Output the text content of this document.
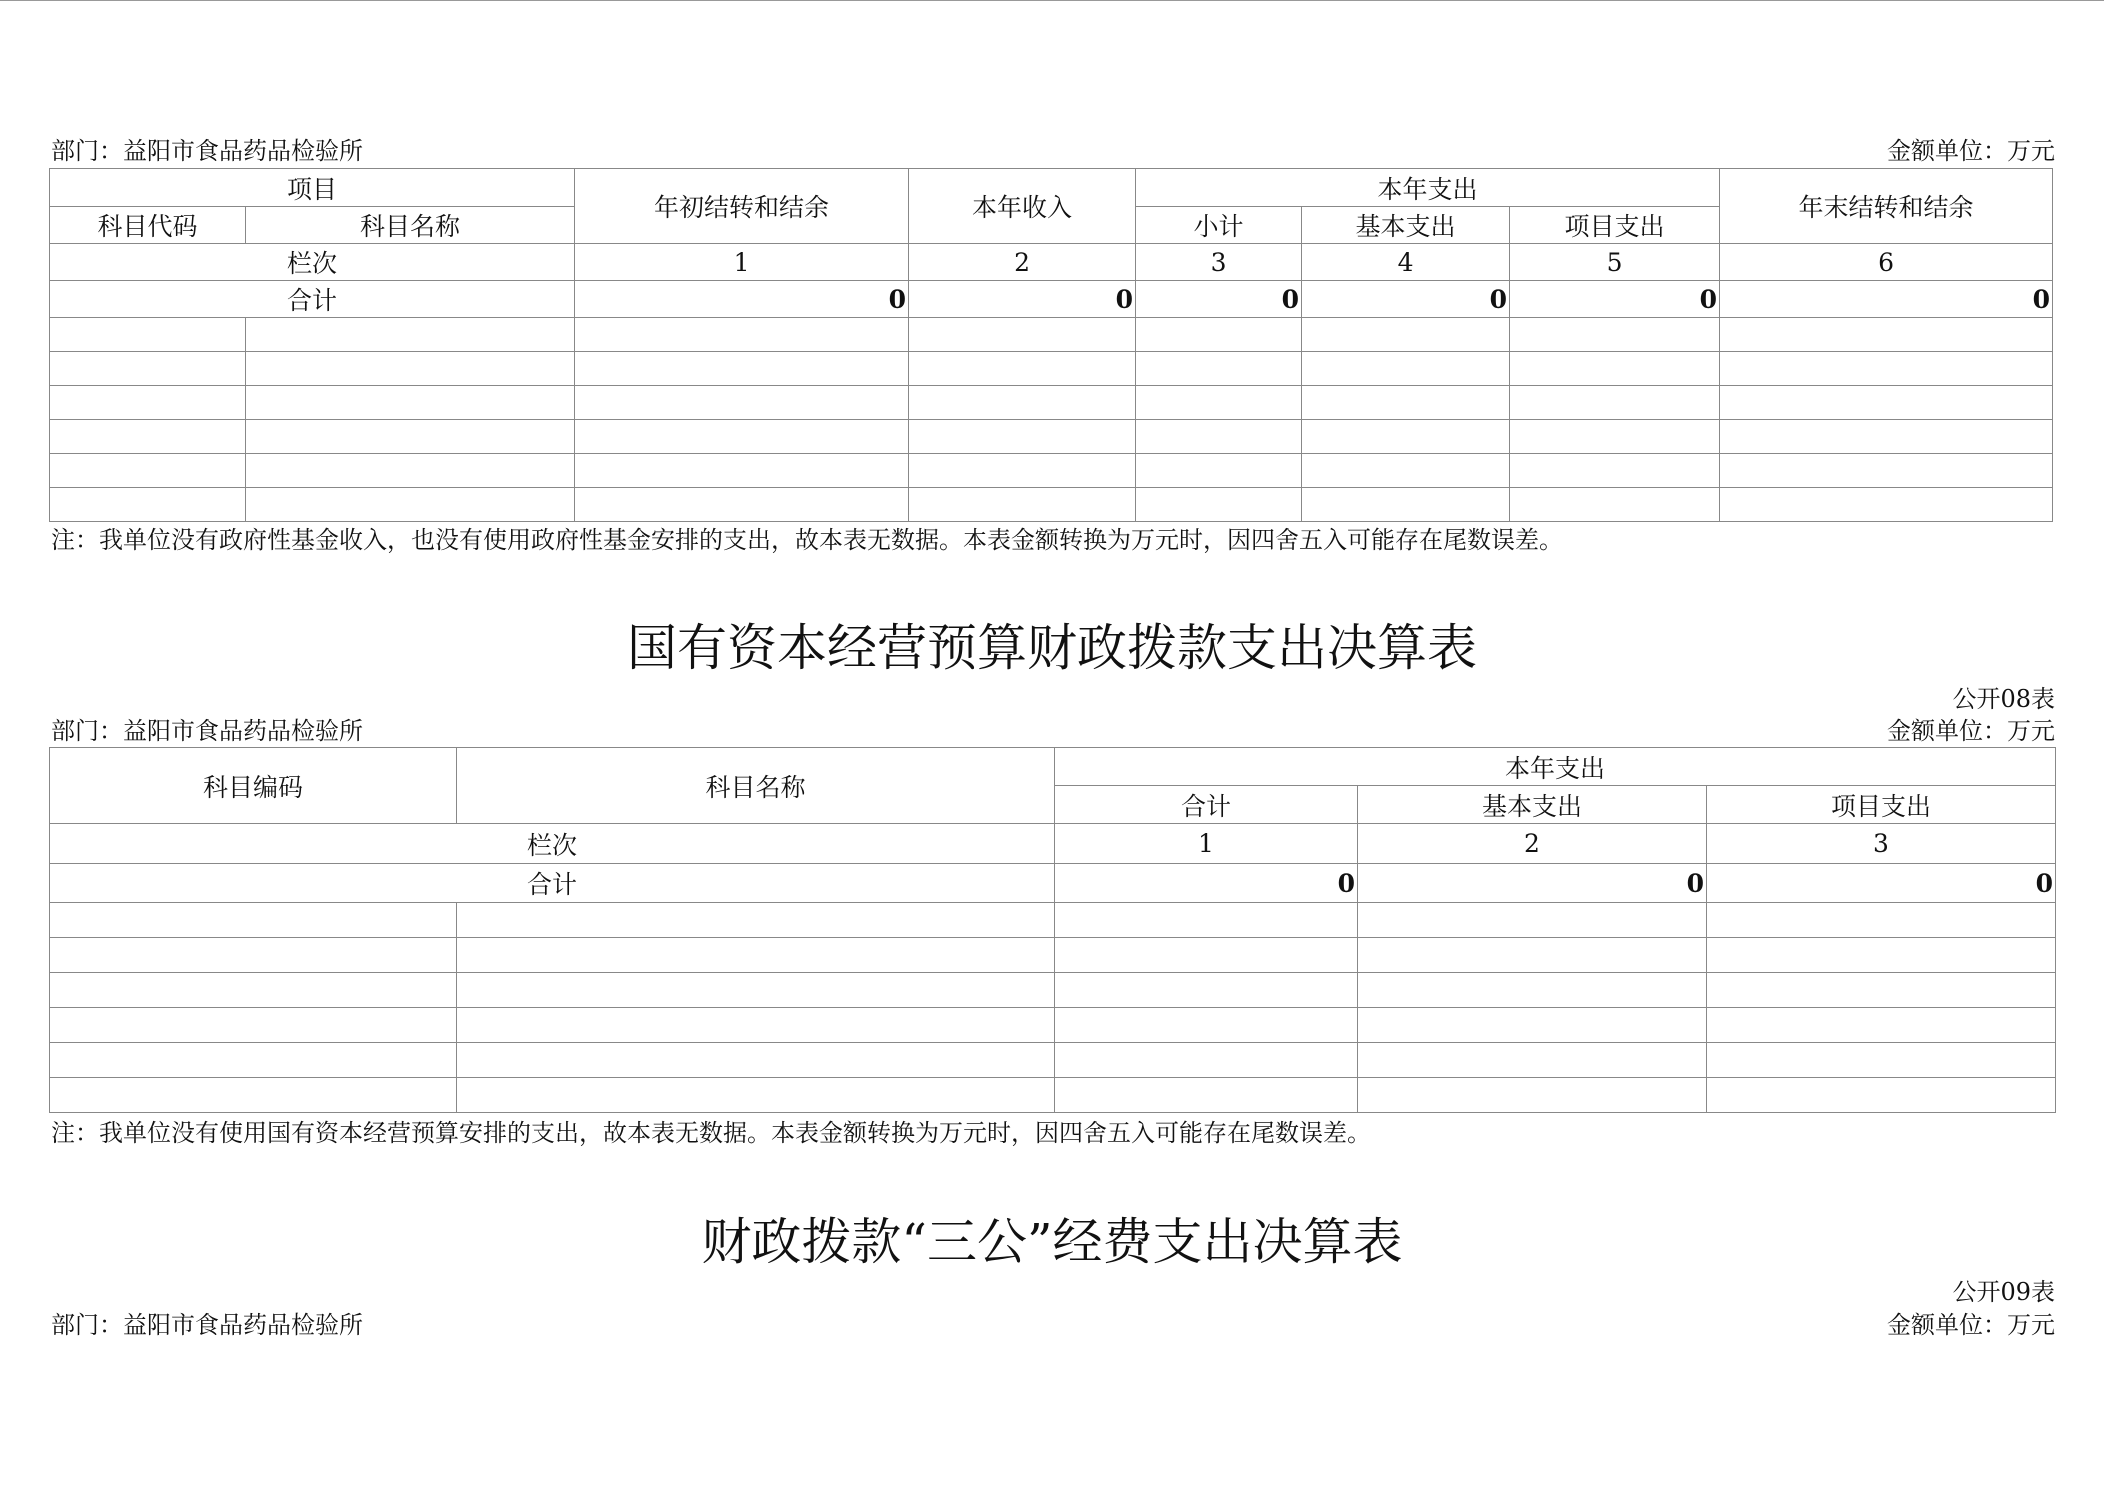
部门：益阳市食品药品检验所	金额单位：万元
项目		年初结转和结余	本年收入	本年支出			年末结转和结余
科目代码	科目名称			小计	基本支出	项目支出	
栏次		1	2	3	4	5	6
合计		0	0	0	0	0	0

注：我单位没有政府性基金收入，也没有使用政府性基金安排的支出，故本表无数据。本表金额转换为万元时，因四舍五入可能存在尾数误差。
国有资本经营预算财政拨款支出决算表
公开08表
部门：益阳市食品药品检验所	金额单位：万元
科目编码	科目名称	本年支出		
		合计	基本支出	项目支出
栏次		1	2	3
合计		0	0	0

注：我单位没有使用国有资本经营预算安排的支出，故本表无数据。本表金额转换为万元时，因四舍五入可能存在尾数误差。
财政拨款“三公”经费支出决算表
公开09表
部门：益阳市食品药品检验所	金额单位：万元
